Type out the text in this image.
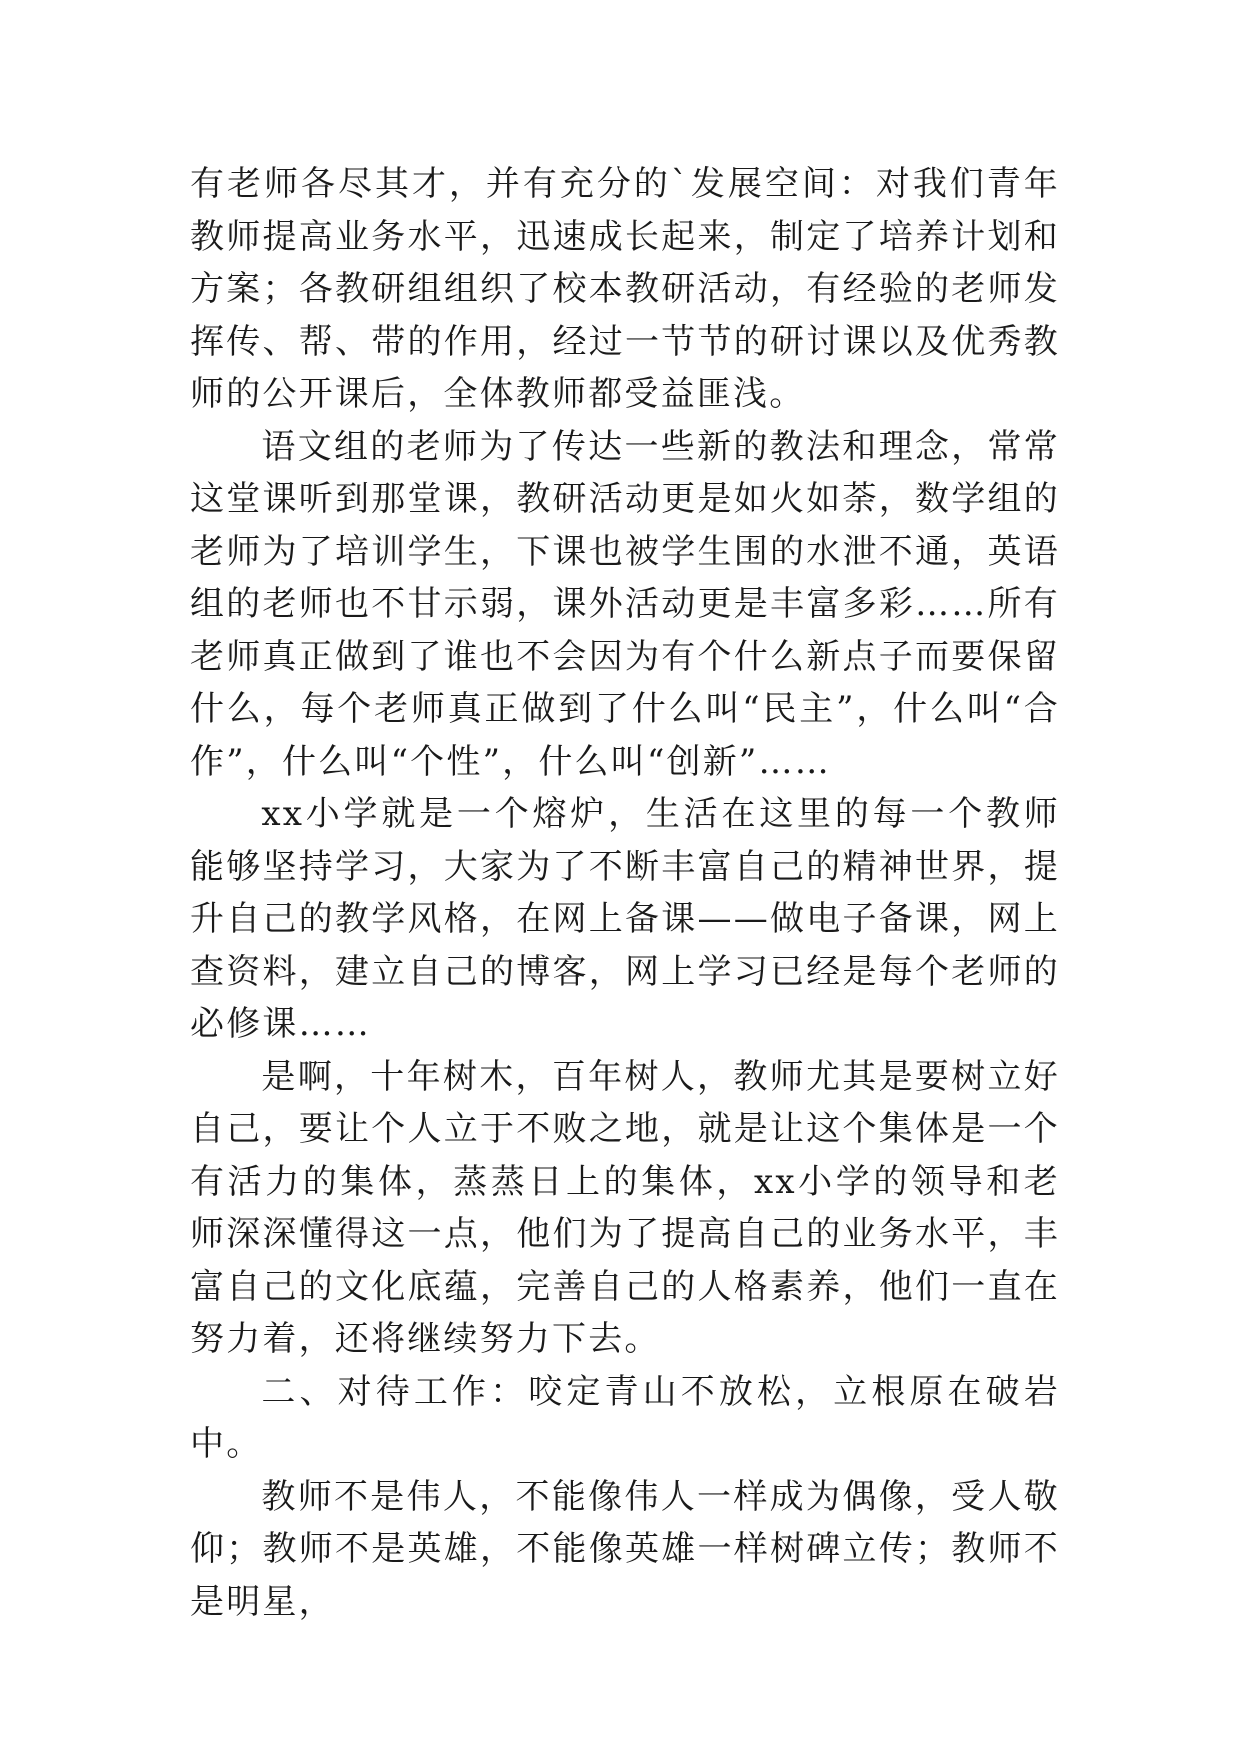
有老师各尽其才，并有充分的`发展空间：对我们青年教师提高业务水平，迅速成长起来，制定了培养计划和方案；各教研组组织了校本教研活动，有经验的老师发挥传、帮、带的作用，经过一节节的研讨课以及优秀教师的公开课后，全体教师都受益匪浅。

语文组的老师为了传达一些新的教法和理念，常常这堂课听到那堂课，教研活动更是如火如荼，数学组的老师为了培训学生，下课也被学生围的水泄不通，英语组的老师也不甘示弱，课外活动更是丰富多彩……所有老师真正做到了谁也不会因为有个什么新点子而要保留什么，每个老师真正做到了什么叫“民主”，什么叫“合作”，什么叫“个性”，什么叫“创新”……

xx小学就是一个熔炉，生活在这里的每一个教师能够坚持学习，大家为了不断丰富自己的精神世界，提升自己的教学风格，在网上备课——做电子备课，网上查资料，建立自己的博客，网上学习已经是每个老师的必修课……

是啊，十年树木，百年树人，教师尤其是要树立好自己，要让个人立于不败之地，就是让这个集体是一个有活力的集体，蒸蒸日上的集体，xx小学的领导和老师深深懂得这一点，他们为了提高自己的业务水平，丰富自己的文化底蕴，完善自己的人格素养，他们一直在努力着，还将继续努力下去。

二、对待工作：咬定青山不放松，立根原在破岩中。

教师不是伟人，不能像伟人一样成为偶像，受人敬仰；教师不是英雄，不能像英雄一样树碑立传；教师不是明星，
